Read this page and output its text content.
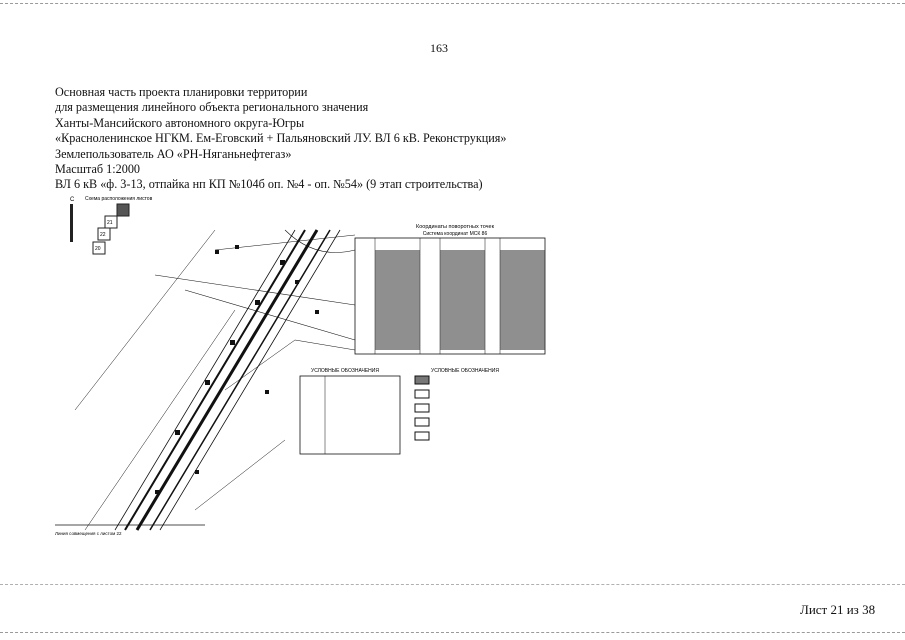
163
Основная часть проекта планировки территории
для размещения линейного объекта регионального значения
Ханты-Мансийского автономного округа-Югры
«Красноленинское НГКМ. Ем-Еговский + Пальяновский ЛУ. ВЛ 6 кВ. Реконструкция»
Землепользователь АО «РН-Няганьнефтегаз»
Масштаб 1:2000
ВЛ 6 кВ «ф. 3-13, отпайка нп КП №104б оп. №4 - оп. №54» (9 этап строительства)
С Схема расположения листов
21
22
20
Координаты поворотных точек
Система координат МСК 86
УСЛОВНЫЕ ОБОЗНАЧЕНИЯ	УСЛОВНЫЕ ОБОЗНАЧЕНИЯ
Линия совмещения с листом 22
Лист 21 из 38
